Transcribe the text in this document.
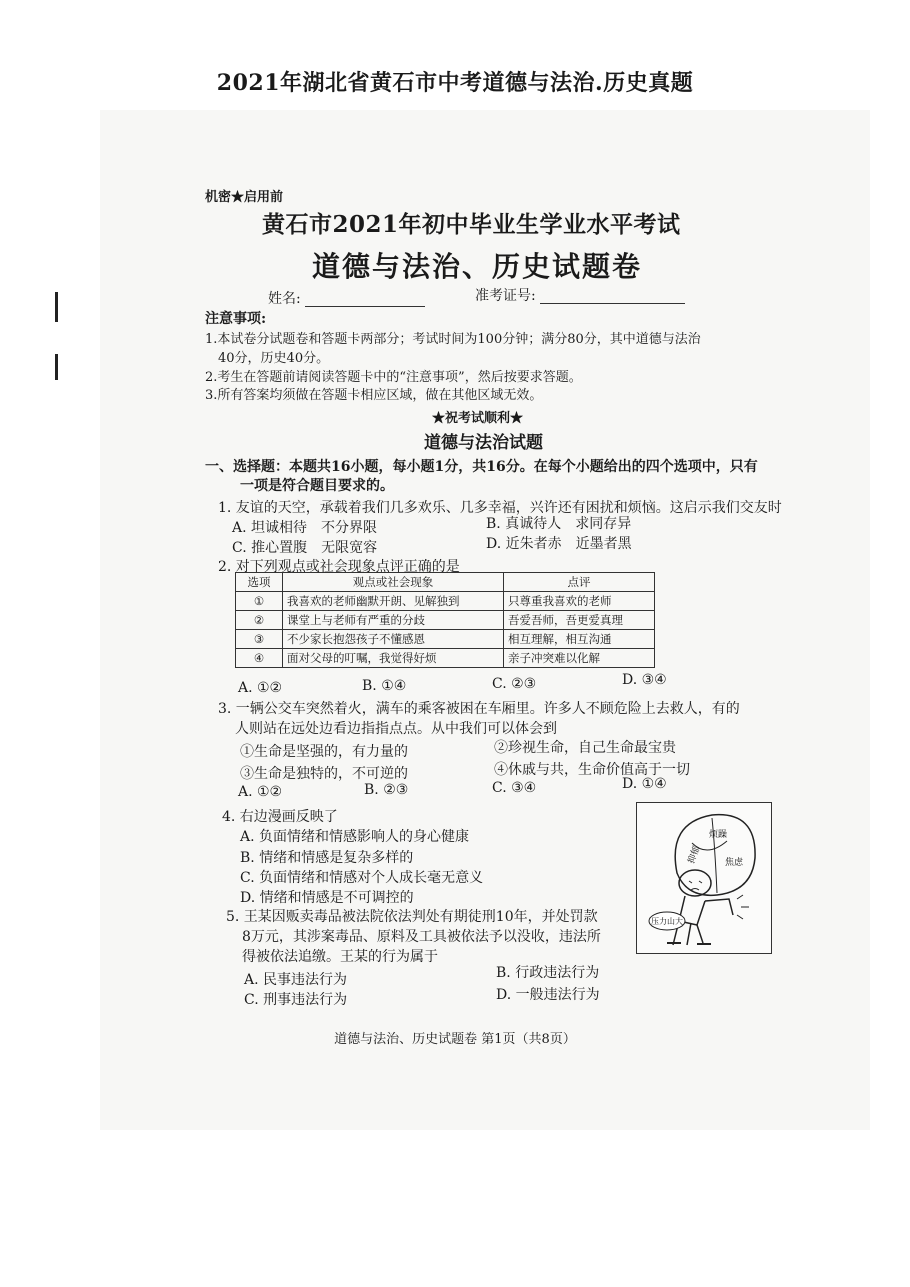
2021年湖北省黄石市中考道德与法治.历史真题
机密★启用前
黄石市2021年初中毕业生学业水平考试
道德与法治、历史试题卷
姓名:	准考证号:
注意事项:
1.本试卷分试题卷和答题卡两部分；考试时间为100分钟；满分80分，其中道德与法治
40分，历史40分。
2.考生在答题前请阅读答题卡中的“注意事项”，然后按要求答题。
3.所有答案均须做在答题卡相应区域，做在其他区域无效。
★祝考试顺利★
道德与法治试题
一、选择题：本题共16小题，每小题1分，共16分。在每个小题给出的四个选项中，只有
一项是符合题目要求的。
1. 友谊的天空，承载着我们几多欢乐、几多幸福，兴许还有困扰和烦恼。这启示我们交友时
A. 坦诚相待　不分界限	B. 真诚待人　求同存异
C. 推心置腹　无限宽容	D. 近朱者赤　近墨者黑
2. 对下列观点或社会现象点评正确的是
选项	观点或社会现象	点评
①	我喜欢的老师幽默开朗、见解独到	只尊重我喜欢的老师
②	课堂上与老师有严重的分歧	吾爱吾师，吾更爱真理
③	不少家长抱怨孩子不懂感恩	相互理解，相互沟通
④	面对父母的叮嘱，我觉得好烦	亲子冲突难以化解
A. ①②	B. ①④	C. ②③	D. ③④
3. 一辆公交车突然着火，满车的乘客被困在车厢里。许多人不顾危险上去救人，有的
人则站在远处边看边指指点点。从中我们可以体会到
①生命是坚强的，有力量的	②珍视生命，自己生命最宝贵
③生命是独特的，不可逆的	④休戚与共，生命价值高于一切
A. ①②	B. ②③	C. ③④	D. ①④
4. 右边漫画反映了
A. 负面情绪和情感影响人的身心健康
B. 情绪和情感是复杂多样的
C. 负面情绪和情感对个人成长毫无意义
D. 情绪和情感是不可调控的
烦躁
抑郁	焦虑
压力山大
5. 王某因贩卖毒品被法院依法判处有期徒刑10年，并处罚款
8万元，其涉案毒品、原料及工具被依法予以没收，违法所
得被依法追缴。王某的行为属于
A. 民事违法行为	B. 行政违法行为
C. 刑事违法行为	D. 一般违法行为
道德与法治、历史试题卷 第1页（共8页）
